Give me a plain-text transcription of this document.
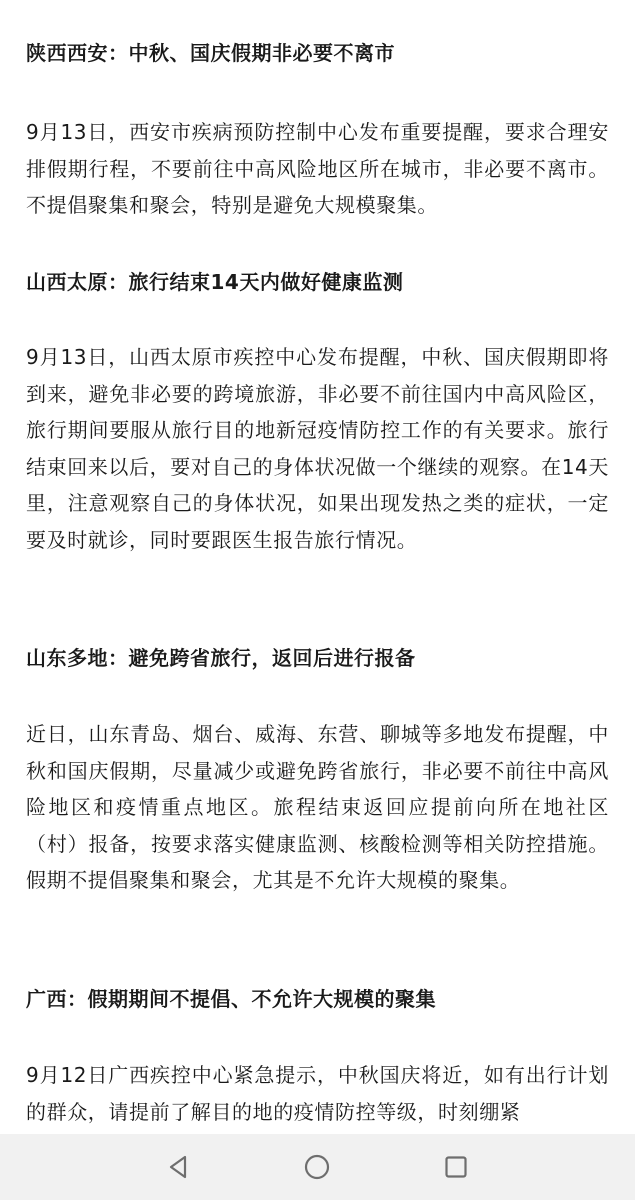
陕西西安：中秋、国庆假期非必要不离市

9月13日，西安市疾病预防控制中心发布重要提醒，要求合理安排假期行程，不要前往中高风险地区所在城市，非必要不离市。不提倡聚集和聚会，特别是避免大规模聚集。

山西太原：旅行结束14天内做好健康监测

9月13日，山西太原市疾控中心发布提醒，中秋、国庆假期即将到来，避免非必要的跨境旅游，非必要不前往国内中高风险区，旅行期间要服从旅行目的地新冠疫情防控工作的有关要求。旅行结束回来以后，要对自己的身体状况做一个继续的观察。在14天里，注意观察自己的身体状况，如果出现发热之类的症状，一定要及时就诊，同时要跟医生报告旅行情况。

山东多地：避免跨省旅行，返回后进行报备

近日，山东青岛、烟台、威海、东营、聊城等多地发布提醒，中秋和国庆假期，尽量减少或避免跨省旅行，非必要不前往中高风险地区和疫情重点地区。旅程结束返回应提前向所在地社区（村）报备，按要求落实健康监测、核酸检测等相关防控措施。假期不提倡聚集和聚会，尤其是不允许大规模的聚集。

广西：假期期间不提倡、不允许大规模的聚集

9月12日广西疾控中心紧急提示，中秋国庆将近，如有出行计划的群众，请提前了解目的地的疫情防控等级，时刻绷紧
